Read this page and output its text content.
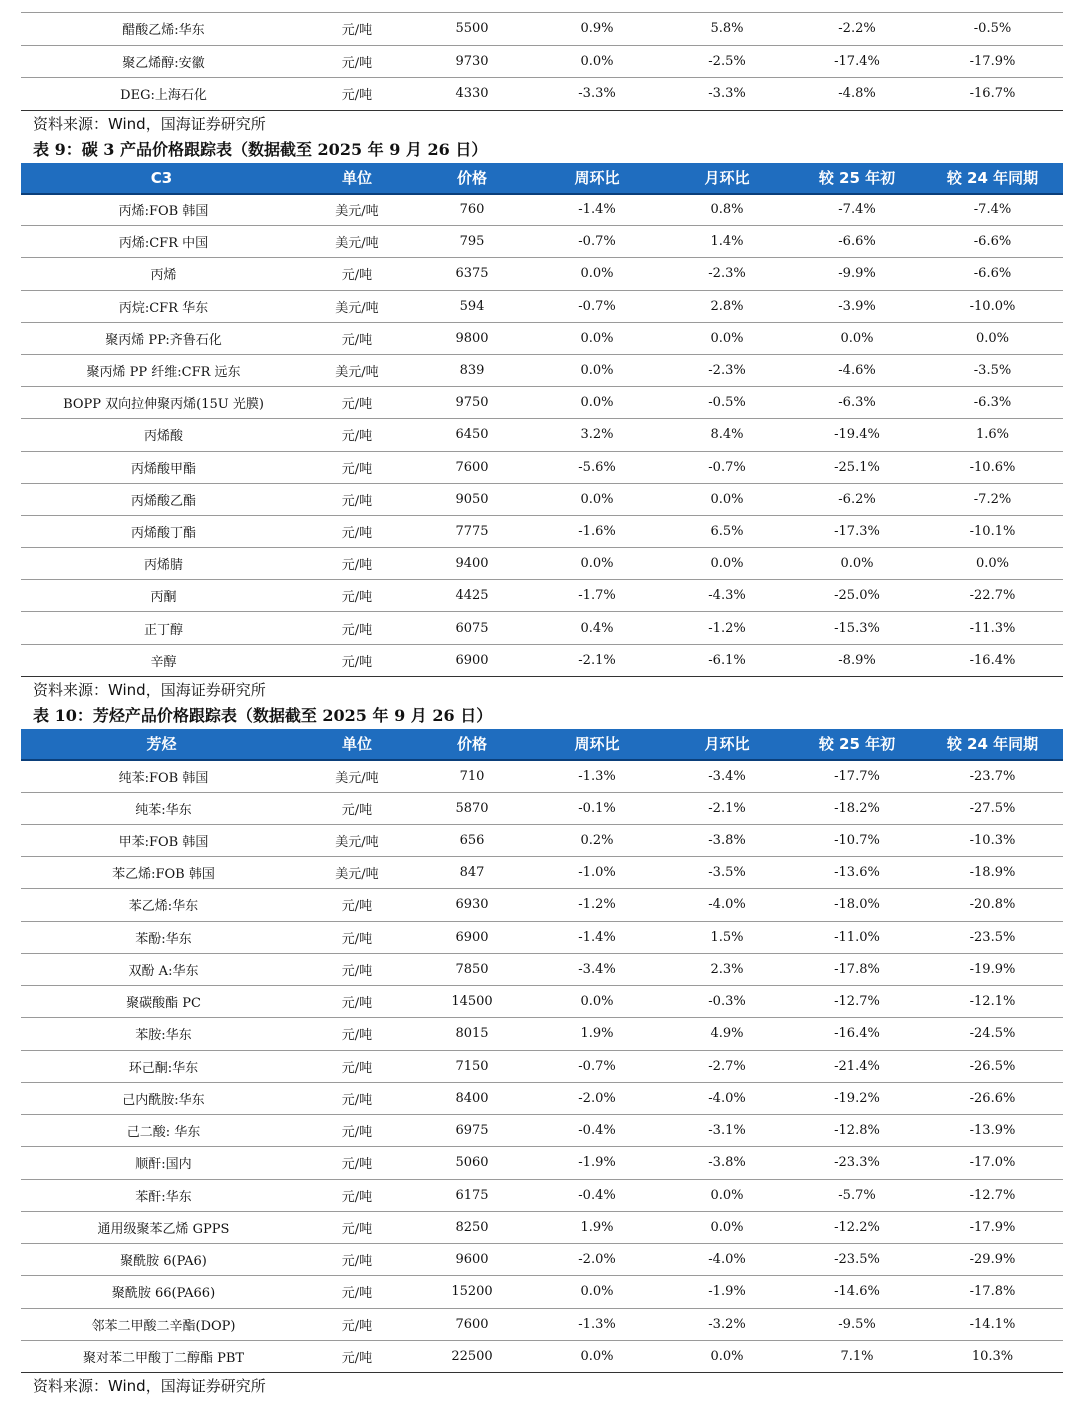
醋酸乙烯:华东	元/吨	5500	0.9%	5.8%	-2.2%	-0.5%
聚乙烯醇:安徽	元/吨	9730	0.0%	-2.5%	-17.4%	-17.9%
DEG:上海石化	元/吨	4330	-3.3%	-3.3%	-4.8%	-16.7%
资料来源：Wind，国海证券研究所
表 9：碳 3 产品价格跟踪表（数据截至 2025 年 9 月 26 日）
C3	单位	价格	周环比	月环比	较 25 年初	较 24 年同期
丙烯:FOB 韩国	美元/吨	760	-1.4%	0.8%	-7.4%	-7.4%
丙烯:CFR 中国	美元/吨	795	-0.7%	1.4%	-6.6%	-6.6%
丙烯	元/吨	6375	0.0%	-2.3%	-9.9%	-6.6%
丙烷:CFR 华东	美元/吨	594	-0.7%	2.8%	-3.9%	-10.0%
聚丙烯 PP:齐鲁石化	元/吨	9800	0.0%	0.0%	0.0%	0.0%
聚丙烯 PP 纤维:CFR 远东	美元/吨	839	0.0%	-2.3%	-4.6%	-3.5%
BOPP 双向拉伸聚丙烯(15U 光膜)	元/吨	9750	0.0%	-0.5%	-6.3%	-6.3%
丙烯酸	元/吨	6450	3.2%	8.4%	-19.4%	1.6%
丙烯酸甲酯	元/吨	7600	-5.6%	-0.7%	-25.1%	-10.6%
丙烯酸乙酯	元/吨	9050	0.0%	0.0%	-6.2%	-7.2%
丙烯酸丁酯	元/吨	7775	-1.6%	6.5%	-17.3%	-10.1%
丙烯腈	元/吨	9400	0.0%	0.0%	0.0%	0.0%
丙酮	元/吨	4425	-1.7%	-4.3%	-25.0%	-22.7%
正丁醇	元/吨	6075	0.4%	-1.2%	-15.3%	-11.3%
辛醇	元/吨	6900	-2.1%	-6.1%	-8.9%	-16.4%
资料来源：Wind，国海证券研究所
表 10：芳烃产品价格跟踪表（数据截至 2025 年 9 月 26 日）
芳烃	单位	价格	周环比	月环比	较 25 年初	较 24 年同期
纯苯:FOB 韩国	美元/吨	710	-1.3%	-3.4%	-17.7%	-23.7%
纯苯:华东	元/吨	5870	-0.1%	-2.1%	-18.2%	-27.5%
甲苯:FOB 韩国	美元/吨	656	0.2%	-3.8%	-10.7%	-10.3%
苯乙烯:FOB 韩国	美元/吨	847	-1.0%	-3.5%	-13.6%	-18.9%
苯乙烯:华东	元/吨	6930	-1.2%	-4.0%	-18.0%	-20.8%
苯酚:华东	元/吨	6900	-1.4%	1.5%	-11.0%	-23.5%
双酚 A:华东	元/吨	7850	-3.4%	2.3%	-17.8%	-19.9%
聚碳酸酯 PC	元/吨	14500	0.0%	-0.3%	-12.7%	-12.1%
苯胺:华东	元/吨	8015	1.9%	4.9%	-16.4%	-24.5%
环己酮:华东	元/吨	7150	-0.7%	-2.7%	-21.4%	-26.5%
己内酰胺:华东	元/吨	8400	-2.0%	-4.0%	-19.2%	-26.6%
己二酸: 华东	元/吨	6975	-0.4%	-3.1%	-12.8%	-13.9%
顺酐:国内	元/吨	5060	-1.9%	-3.8%	-23.3%	-17.0%
苯酐:华东	元/吨	6175	-0.4%	0.0%	-5.7%	-12.7%
通用级聚苯乙烯 GPPS	元/吨	8250	1.9%	0.0%	-12.2%	-17.9%
聚酰胺 6(PA6)	元/吨	9600	-2.0%	-4.0%	-23.5%	-29.9%
聚酰胺 66(PA66)	元/吨	15200	0.0%	-1.9%	-14.6%	-17.8%
邻苯二甲酸二辛酯(DOP)	元/吨	7600	-1.3%	-3.2%	-9.5%	-14.1%
聚对苯二甲酸丁二醇酯 PBT	元/吨	22500	0.0%	0.0%	7.1%	10.3%
资料来源：Wind，国海证券研究所
